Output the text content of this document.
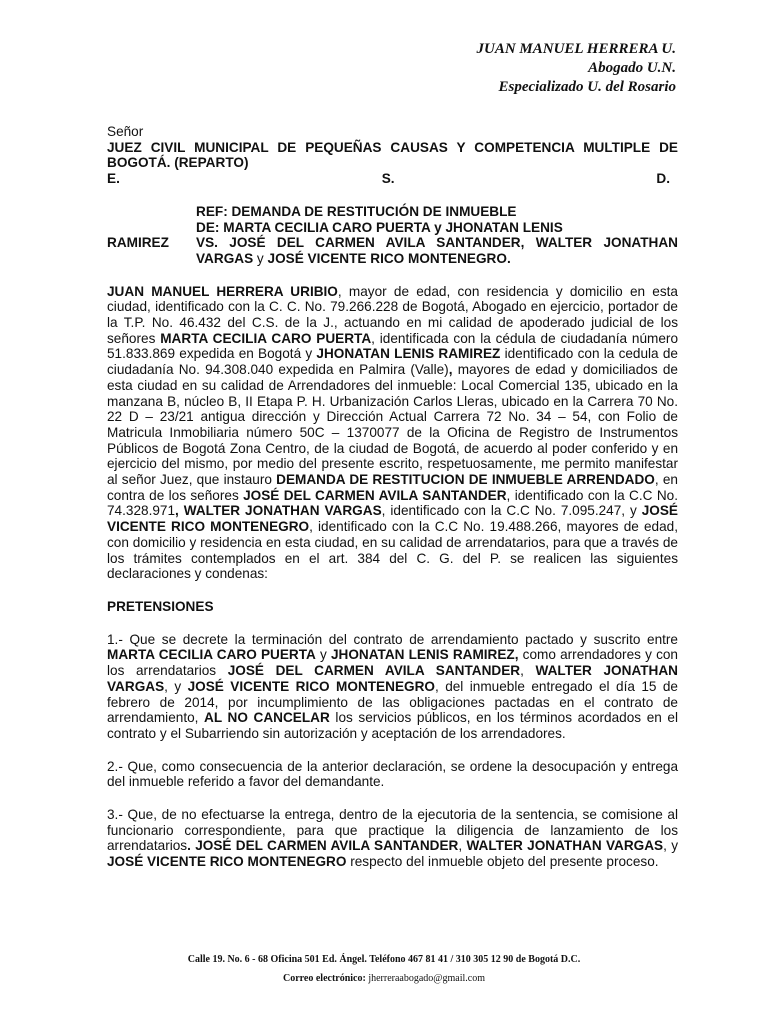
JUAN MANUEL HERRERA U.
Abogado U.N.
Especializado U. del Rosario

Señor

JUEZ CIVIL MUNICIPAL DE PEQUEÑAS CAUSAS Y COMPETENCIA MULTIPLE DE BOGOTÁ. (REPARTO)

E.	S.	D.
REF: DEMANDA DE RESTITUCIÓN DE INMUEBLE
DE: MARTA CECILIA CARO PUERTA y JHONATAN LENIS
RAMIREZ	VS. JOSÉ DEL CARMEN AVILA SANTANDER, WALTER JONATHAN VARGAS y JOSÉ VICENTE RICO MONTENEGRO.

JUAN MANUEL HERRERA URIBIO, mayor de edad, con residencia y domicilio en esta ciudad, identificado con la C. C. No. 79.266.228 de Bogotá, Abogado en ejercicio, portador de la T.P. No. 46.432 del C.S. de la J., actuando en mi calidad de apoderado judicial de los señores MARTA CECILIA CARO PUERTA, identificada con la cédula de ciudadanía número 51.833.869 expedida en Bogotá y JHONATAN LENIS RAMIREZ identificado con la cedula de ciudadanía No. 94.308.040 expedida en Palmira (Valle), mayores de edad y domiciliados de esta ciudad en su calidad de Arrendadores del inmueble: Local Comercial 135, ubicado en la manzana B, núcleo B, II Etapa P. H. Urbanización Carlos Lleras, ubicado en la Carrera 70 No. 22 D – 23/21 antigua dirección y Dirección Actual Carrera 72 No. 34 – 54, con Folio de Matricula Inmobiliaria número 50C – 1370077 de la Oficina de Registro de Instrumentos Públicos de Bogotá Zona Centro, de la ciudad de Bogotá, de acuerdo al poder conferido y en ejercicio del mismo, por medio del presente escrito, respetuosamente, me permito manifestar al señor Juez, que instauro DEMANDA DE RESTITUCION DE INMUEBLE ARRENDADO, en contra de los señores JOSÉ DEL CARMEN AVILA SANTANDER, identificado con la C.C No. 74.328.971, WALTER JONATHAN VARGAS, identificado con la C.C No. 7.095.247, y JOSÉ VICENTE RICO MONTENEGRO, identificado con la C.C No. 19.488.266, mayores de edad, con domicilio y residencia en esta ciudad, en su calidad de arrendatarios, para que a través de los trámites contemplados en el art. 384 del C. G. del P. se realicen las siguientes declaraciones y condenas:

PRETENSIONES

1.- Que se decrete la terminación del contrato de arrendamiento pactado y suscrito entre MARTA CECILIA CARO PUERTA y JHONATAN LENIS RAMIREZ, como arrendadores y con los arrendatarios JOSÉ DEL CARMEN AVILA SANTANDER, WALTER JONATHAN VARGAS, y JOSÉ VICENTE RICO MONTENEGRO, del inmueble entregado el día 15 de febrero de 2014, por incumplimiento de las obligaciones pactadas en el contrato de arrendamiento, AL NO CANCELAR los servicios públicos, en los términos acordados en el contrato y el Subarriendo sin autorización y aceptación de los arrendadores.

2.- Que, como consecuencia de la anterior declaración, se ordene la desocupación y entrega del inmueble referido a favor del demandante.

3.- Que, de no efectuarse la entrega, dentro de la ejecutoria de la sentencia, se comisione al funcionario correspondiente, para que practique la diligencia de lanzamiento de los arrendatarios. JOSÉ DEL CARMEN AVILA SANTANDER, WALTER JONATHAN VARGAS, y JOSÉ VICENTE RICO MONTENEGRO respecto del inmueble objeto del presente proceso.

Calle 19. No. 6 - 68 Oficina 501 Ed. Ángel. Teléfono 467 81 41 / 310 305 12 90 de Bogotá D.C.
Correo electrónico: jherreraabogado@gmail.com
